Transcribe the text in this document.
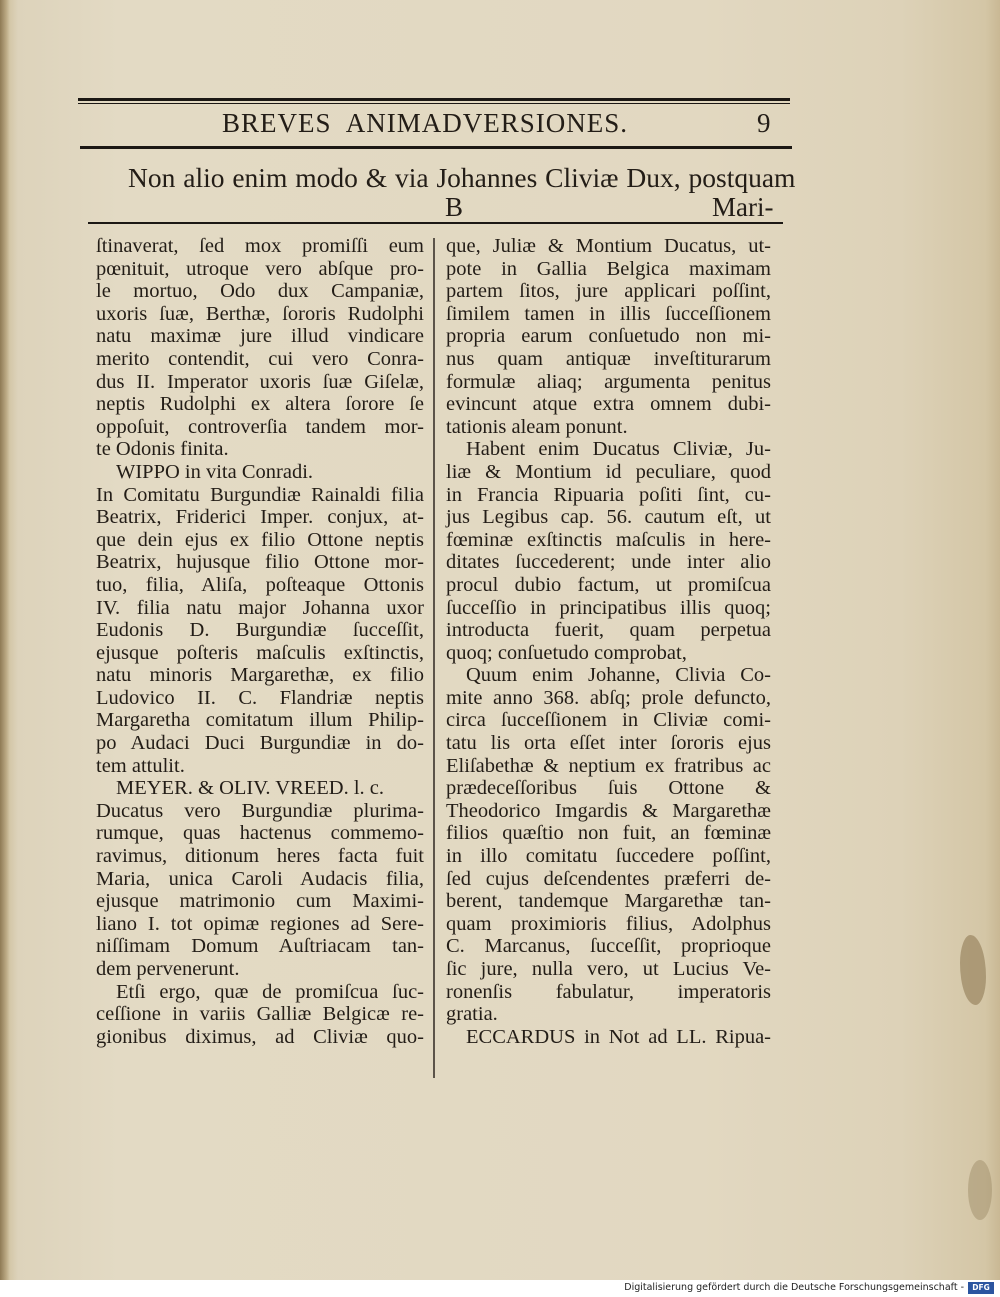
BREVES ANIMADVERSIONES.	9
Non alio enim modo & via Johannes Cliviæ Dux, postquam
B	Mari-
ſtinaverat, ſed mox promiſſi eum
pœnituit, utroque vero abſque pro-
le mortuo, Odo dux Campaniæ,
uxoris ſuæ, Berthæ, ſororis Rudolphi
natu maximæ jure illud vindicare
merito contendit, cui vero Conra-
dus II. Imperator uxoris ſuæ Giſelæ,
neptis Rudolphi ex altera ſorore ſe
oppoſuit, controverſia tandem mor-
te Odonis finita.
WIPPO in vita Conradi.
In Comitatu Burgundiæ Rainaldi filia
Beatrix, Friderici Imper. conjux, at-
que dein ejus ex filio Ottone neptis
Beatrix, hujusque filio Ottone mor-
tuo, filia, Aliſa, poſteaque Ottonis
IV. filia natu major Johanna uxor
Eudonis D. Burgundiæ ſucceſſit,
ejusque poſteris maſculis exſtinctis,
natu minoris Margarethæ, ex filio
Ludovico II. C. Flandriæ neptis
Margaretha comitatum illum Philip-
po Audaci Duci Burgundiæ in do-
tem attulit.
MEYER. & OLIV. VREED. l. c.
Ducatus vero Burgundiæ plurima-
rumque, quas hactenus commemo-
ravimus, ditionum heres facta fuit
Maria, unica Caroli Audacis filia,
ejusque matrimonio cum Maximi-
liano I. tot opimæ regiones ad Sere-
niſſimam Domum Auſtriacam tan-
dem pervenerunt.
Etſi ergo, quæ de promiſcua ſuc-
ceſſione in variis Galliæ Belgicæ re-
gionibus diximus, ad Cliviæ quo-
que, Juliæ & Montium Ducatus, ut-
pote in Gallia Belgica maximam
partem ſitos, jure applicari poſſint,
ſimilem tamen in illis ſucceſſionem
propria earum conſuetudo non mi-
nus quam antiquæ inveſtiturarum
formulæ aliaq; argumenta penitus
evincunt atque extra omnem dubi-
tationis aleam ponunt.
Habent enim Ducatus Cliviæ, Ju-
liæ & Montium id peculiare, quod
in Francia Ripuaria poſiti ſint, cu-
jus Legibus cap. 56. cautum eſt, ut
fœminæ exſtinctis maſculis in here-
ditates ſuccederent; unde inter alio
procul dubio factum, ut promiſcua
ſucceſſio in principatibus illis quoq;
introducta fuerit, quam perpetua
quoq; conſuetudo comprobat,
Quum enim Johanne, Clivia Co-
mite anno 368. abſq; prole defuncto,
circa ſucceſſionem in Cliviæ comi-
tatu lis orta eſſet inter ſororis ejus
Eliſabethæ & neptium ex fratribus ac
prædeceſſoribus ſuis Ottone &
Theodorico Imgardis & Margarethæ
filios quæſtio non fuit, an fœminæ
in illo comitatu ſuccedere poſſint,
ſed cujus deſcendentes præferri de-
berent, tandemque Margarethæ tan-
quam proximioris filius, Adolphus
C. Marcanus, ſucceſſit, proprioque
ſic jure, nulla vero, ut Lucius Ve-
ronenſis fabulatur, imperatoris
gratia.
ECCARDUS in Not ad LL. Ripua-
Digitalisierung gefördert durch die Deutsche Forschungsgemeinschaft -	DFG
